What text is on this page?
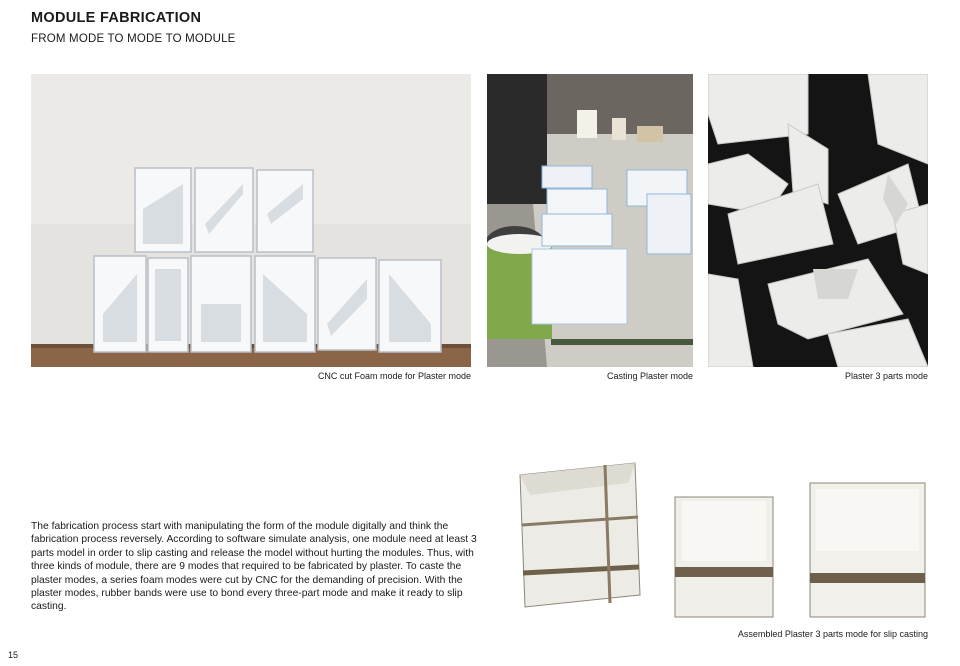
MODULE FABRICATION
FROM MODE TO MODE TO MODULE
CNC cut Foam mode for Plaster mode	Casting Plaster mode	Plaster 3 parts mode
Assembled Plaster 3 parts mode for slip casting
The fabrication process start with manipulating the form of the module digitally and think the fabrication process reversely. According to software simulate analysis, one module need at least 3 parts model in order to slip casting and release the model without hurting the modules. Thus, with three kinds of module, there are 9 modes that required to be fabricated by plaster. To caste the plaster modes, a series foam modes were cut by CNC for the demanding of precision. With the plaster modes, rubber bands were use to bond every three-part mode and make it ready to slip casting.
15
